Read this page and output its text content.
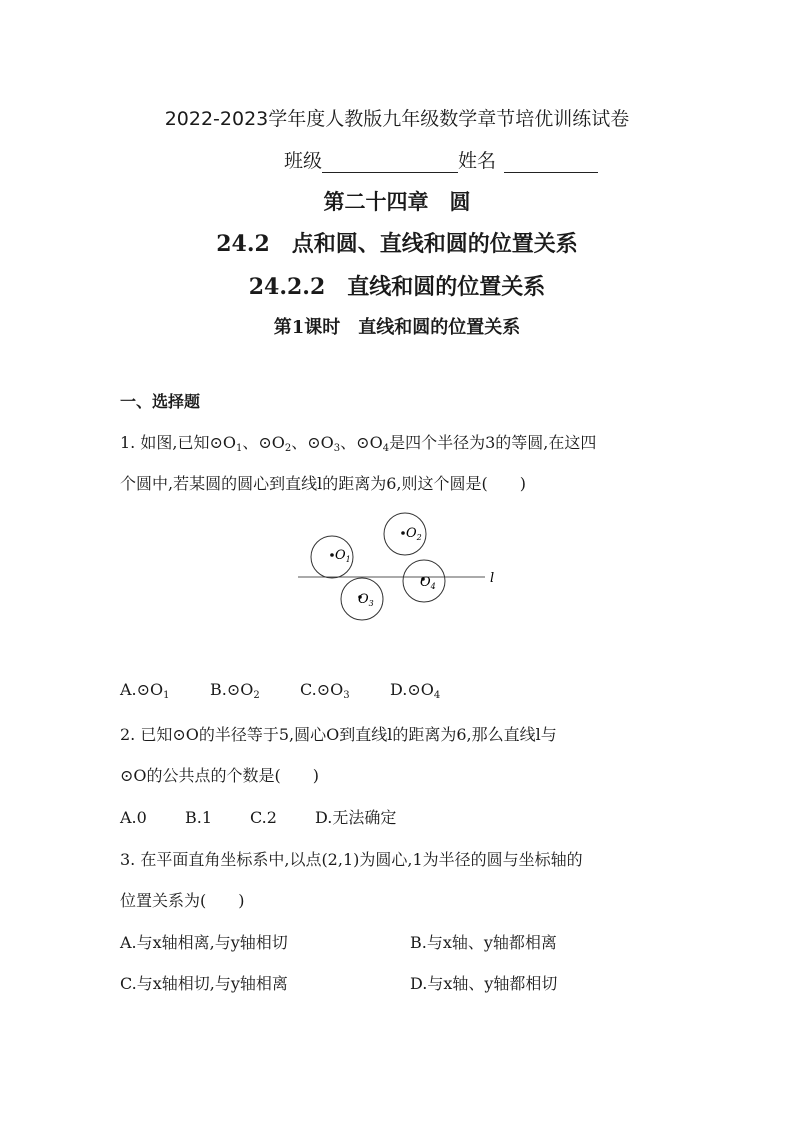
2022-2023学年度人教版九年级数学章节培优训练试卷
班级	姓名
第二十四章　圆
24.2　点和圆、直线和圆的位置关系
24.2.2　直线和圆的位置关系
第1课时　直线和圆的位置关系
一、选择题
1. 如图,已知$⊙O_1$、$⊙O_2$、$⊙O_3$、$⊙O_4$是四个半径为3的等圆,在这四
个圆中,若某圆的圆心到直线l的距离为6,则这个圆是(　　)
l
$O_1$
$O_2$
$O_3$
$O_4$
$A.⊙O_1$	$B.⊙O_2$	$C.⊙O_3$	$D.⊙O_4$
2. 已知⊙O的半径等于5,圆心O到直线l的距离为6,那么直线l与
⊙O的公共点的个数是(　　)
A.0 B.1 C.2 D.无法确定
3. 在平面直角坐标系中,以点(2,1)为圆心,1为半径的圆与坐标轴的
位置关系为(　　)
A.与x轴相离,与y轴相切	B.与x轴、y轴都相离
C.与x轴相切,与y轴相离	D.与x轴、y轴都相切
